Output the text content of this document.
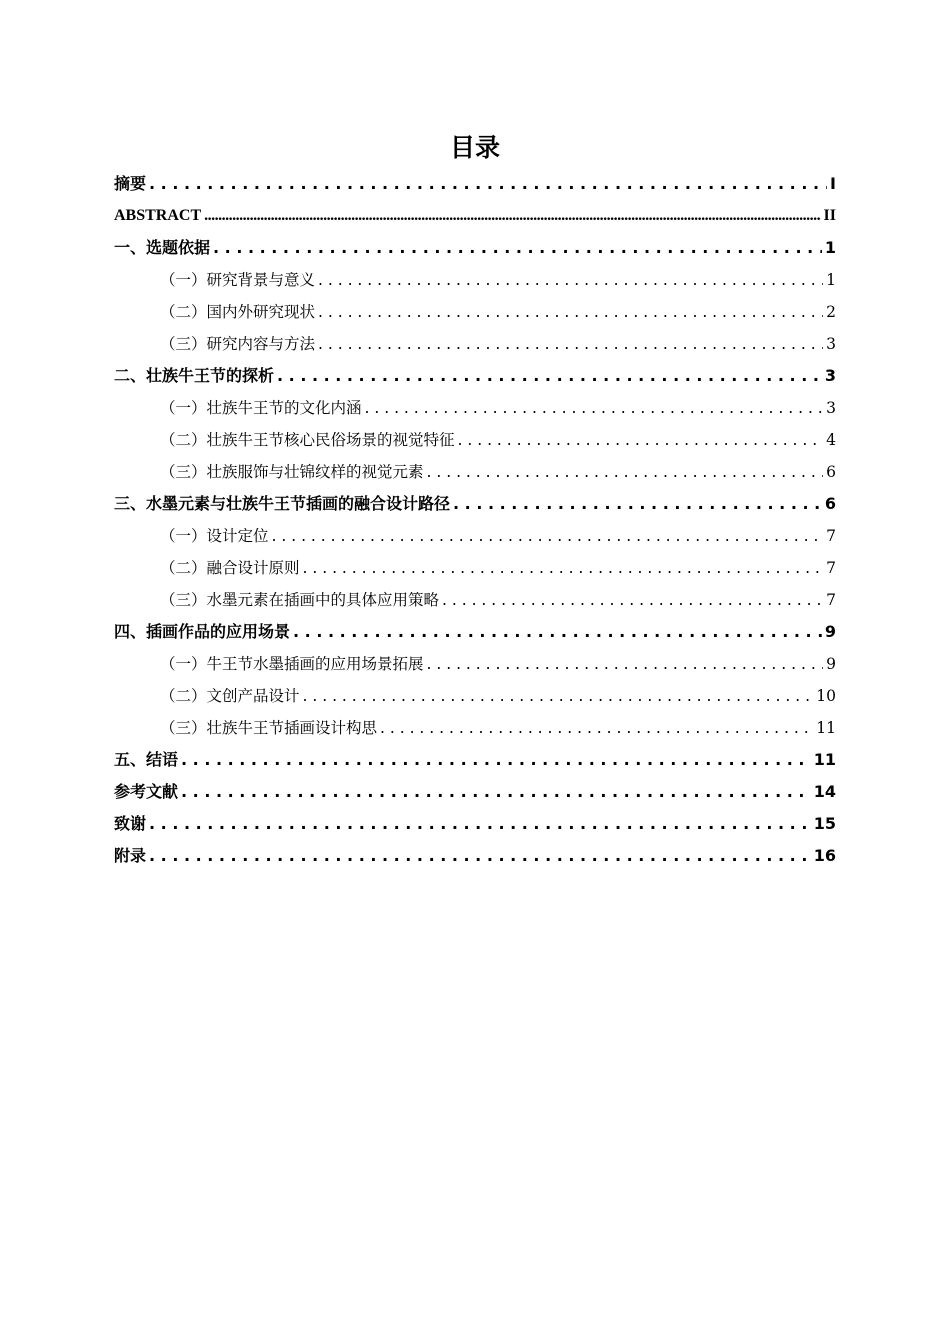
目录
摘要 . . .	I
ABSTRACT .....	II
一、选题依据 . . .	1
（一）研究背景与意义 . . .	1
（二）国内外研究现状 . . .	2
（三）研究内容与方法 . . .	3
二、壮族牛王节的探析 . . .	3
（一）壮族牛王节的文化内涵 . . .	3
（二）壮族牛王节核心民俗场景的视觉特征 . . .	4
（三）壮族服饰与壮锦纹样的视觉元素 . . .	6
三、水墨元素与壮族牛王节插画的融合设计路径 . . .	6
（一）设计定位 . . .	7
（二）融合设计原则 . . .	7
（三）水墨元素在插画中的具体应用策略 . . .	7
四、插画作品的应用场景 . . .	9
（一）牛王节水墨插画的应用场景拓展 . . .	9
（二）文创产品设计 . . .	10
（三）壮族牛王节插画设计构思 . . .	11
五、结语 . . .	11
参考文献 . . .	14
致谢 . . .	15
附录 . . .	16
